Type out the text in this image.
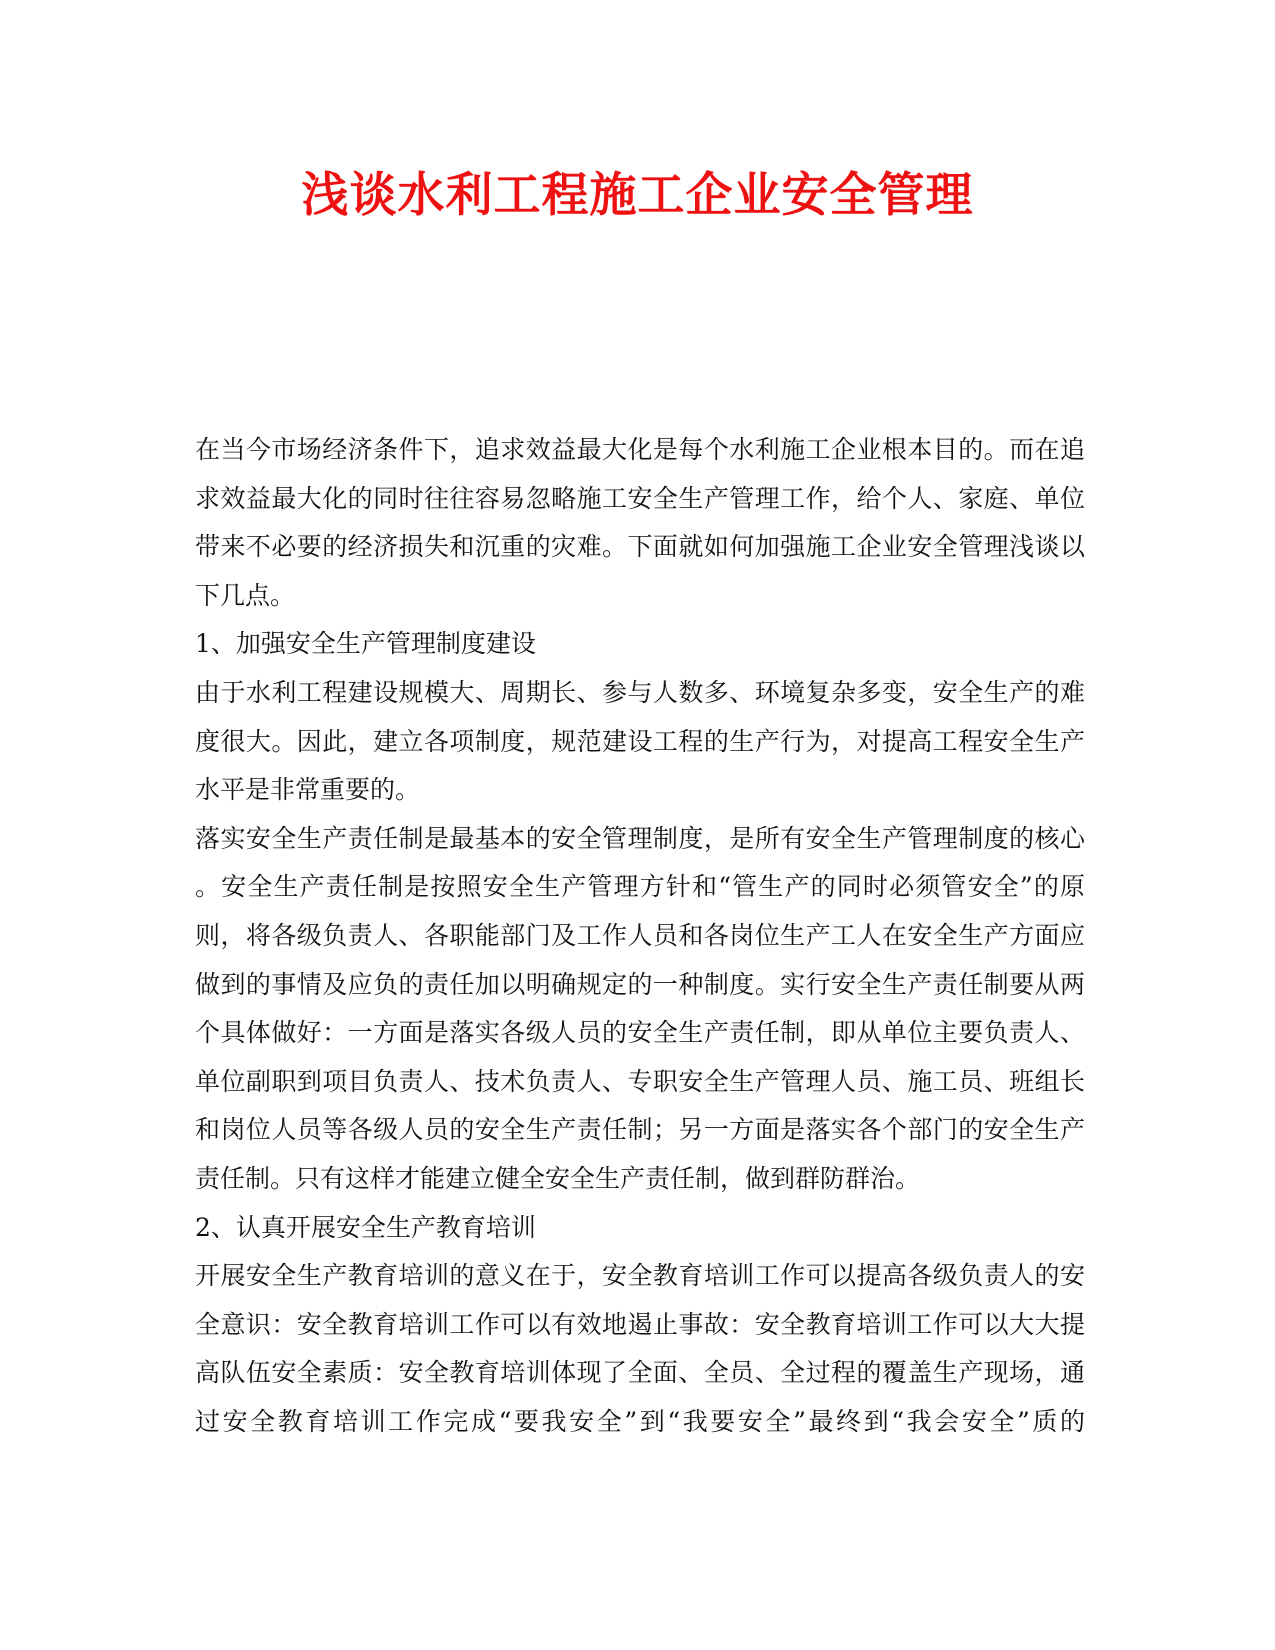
浅谈水利工程施工企业安全管理

在当今市场经济条件下，追求效益最大化是每个水利施工企业根本目的。而在追

求效益最大化的同时往往容易忽略施工安全生产管理工作，给个人、家庭、单位

带来不必要的经济损失和沉重的灾难。下面就如何加强施工企业安全管理浅谈以

下几点。

1、加强安全生产管理制度建设

由于水利工程建设规模大、周期长、参与人数多、环境复杂多变，安全生产的难

度很大。因此，建立各项制度，规范建设工程的生产行为，对提高工程安全生产

水平是非常重要的。

落实安全生产责任制是最基本的安全管理制度，是所有安全生产管理制度的核心

。安全生产责任制是按照安全生产管理方针和“管生产的同时必须管安全”的原

则，将各级负责人、各职能部门及工作人员和各岗位生产工人在安全生产方面应

做到的事情及应负的责任加以明确规定的一种制度。实行安全生产责任制要从两

个具体做好：一方面是落实各级人员的安全生产责任制，即从单位主要负责人、

单位副职到项目负责人、技术负责人、专职安全生产管理人员、施工员、班组长

和岗位人员等各级人员的安全生产责任制；另一方面是落实各个部门的安全生产

责任制。只有这样才能建立健全安全生产责任制，做到群防群治。

2、认真开展安全生产教育培训

开展安全生产教育培训的意义在于，安全教育培训工作可以提高各级负责人的安

全意识：安全教育培训工作可以有效地遏止事故：安全教育培训工作可以大大提

高队伍安全素质：安全教育培训体现了全面、全员、全过程的覆盖生产现场，通

过安全教育培训工作完成“要我安全”到“我要安全”最终到“我会安全”质的
